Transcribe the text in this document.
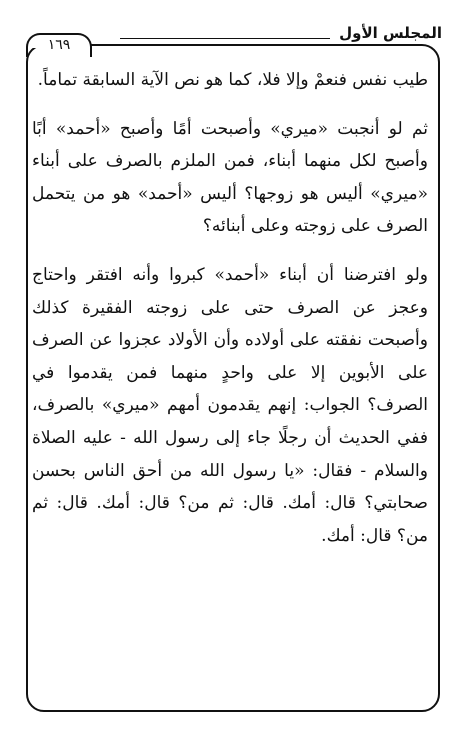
المجلس الأول
١٦٩

طيب نفس فنعمْ وإلا فلا، كما هو نص الآية السابقة تماماً.

ثم لو أنجبت «ميري» وأصبحت أمًا وأصبح «أحمد» أبًا وأصبح لكل منهما أبناء، فمن الملزم بالصرف على أبناء «ميري» أليس هو زوجها؟ أليس «أحمد» هو من يتحمل الصرف على زوجته وعلى أبنائه؟

ولو افترضنا أن أبناء «أحمد» كبروا وأنه افتقر واحتاج وعجز عن الصرف حتى على زوجته الفقيرة كذلك وأصبحت نفقته على أولاده وأن الأولاد عجزوا عن الصرف على الأبوين إلا على واحدٍ منهما فمن يقدموا في الصرف؟ الجواب: إنهم يقدمون أمهم «ميري» بالصرف، ففي الحديث أن رجلًا جاء إلى رسول الله - عليه الصلاة والسلام - فقال: «يا رسول الله من أحق الناس بحسن صحابتي؟ قال: أمك. قال: ثم من؟ قال: أمك. قال: ثم من؟ قال: أمك.
